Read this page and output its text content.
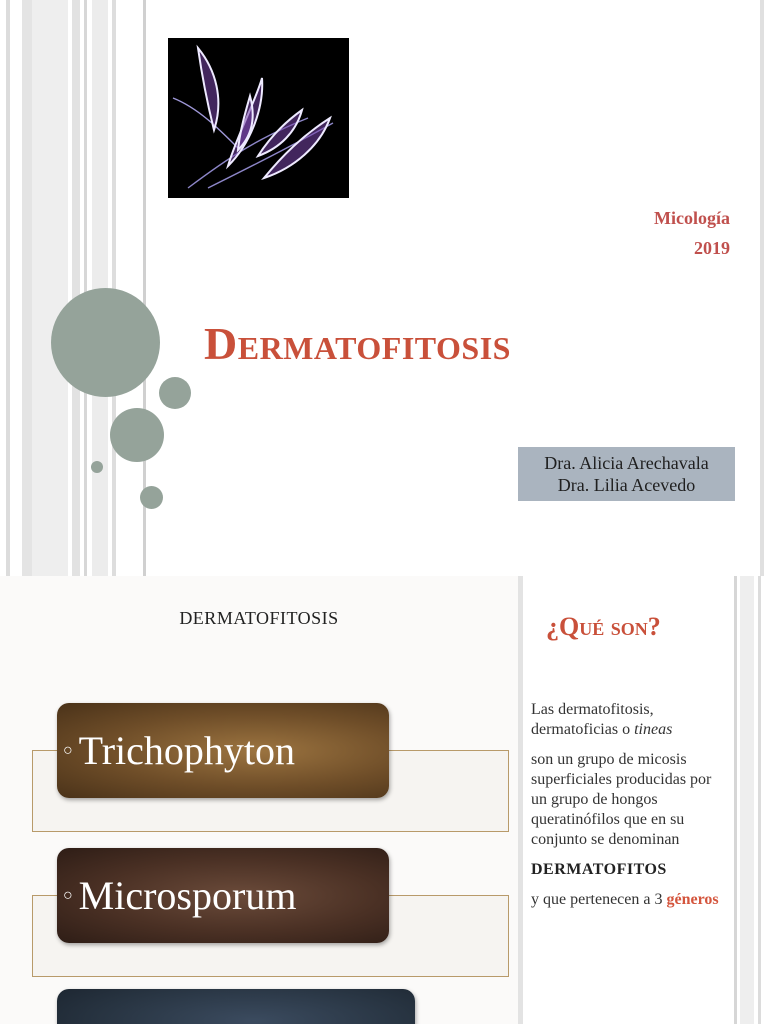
Micología
2019
Dermatofitosis
Dra. Alicia Arechavala
Dra. Lilia Acevedo
DERMATOFITOSIS
○ Trichophyton
○ Microsporum
¿Qué son?

Las dermatofitosis, dermatoficias o tineas

son un grupo de micosis superficiales producidas por un grupo de hongos queratinófilos que en su conjunto se denominan

DERMATOFITOS

y que pertenecen a 3 géneros
